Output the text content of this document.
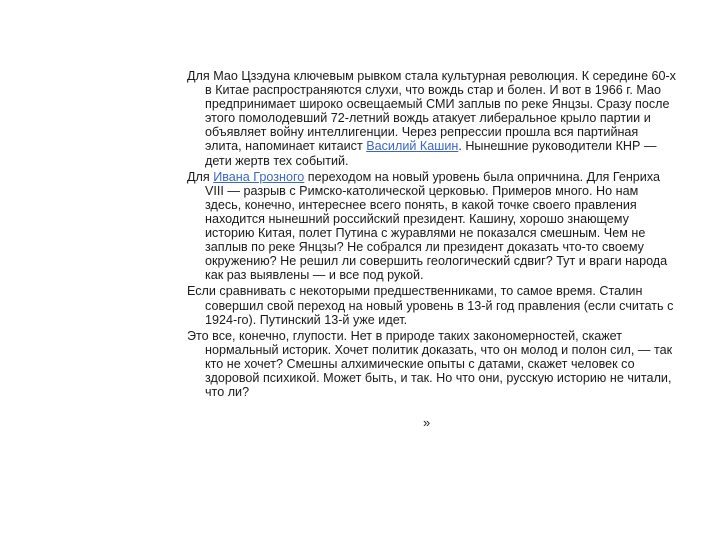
Для Мао Цзэдуна ключевым рывком стала культурная революция. К середине 60-х в Китае распространяются слухи, что вождь стар и болен. И вот в 1966 г. Мао предпринимает широко освещаемый СМИ заплыв по реке Янцзы. Сразу после этого помолодевший 72-летний вождь атакует либеральное крыло партии и объявляет войну интеллигенции. Через репрессии прошла вся партийная элита, напоминает китаист Василий Кашин. Нынешние руководители КНР — дети жертв тех событий.

Для Ивана Грозного переходом на новый уровень была опричнина. Для Генриха VIII — разрыв с Римско-католической церковью. Примеров много. Но нам здесь, конечно, интереснее всего понять, в какой точке своего правления находится нынешний российский президент. Кашину, хорошо знающему историю Китая, полет Путина с журавлями не показался смешным. Чем не заплыв по реке Янцзы? Не собрался ли президент доказать что-то своему окружению? Не решил ли совершить геологический сдвиг? Тут и враги народа как раз выявлены — и все под рукой.

Если сравнивать с некоторыми предшественниками, то самое время. Сталин совершил свой переход на новый уровень в 13-й год правления (если считать с 1924-го). Путинский 13-й уже идет.

Это все, конечно, глупости. Нет в природе таких закономерностей, скажет нормальный историк. Хочет политик доказать, что он молод и полон сил, — так кто не хочет? Смешны алхимические опыты с датами, скажет человек со здоровой психикой. Может быть, и так. Но что они, русскую историю не читали, что ли?

»
